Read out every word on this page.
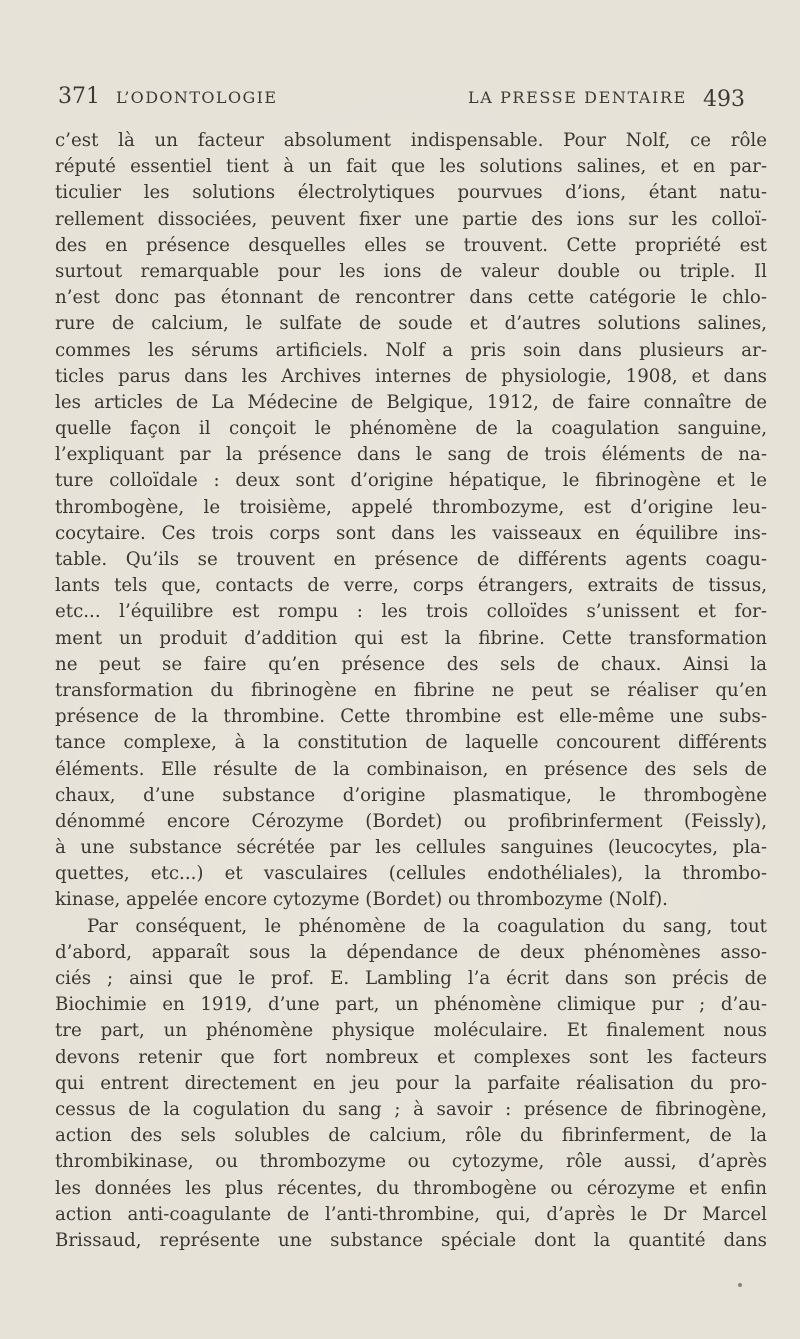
371 L’ODONTOLOGIE	LA PRESSE DENTAIRE 493
c’est là un facteur absolument indispensable. Pour Nolf, ce rôle
réputé essentiel tient à un fait que les solutions salines, et en par-
ticulier les solutions électrolytiques pourvues d’ions, étant natu-
rellement dissociées, peuvent fixer une partie des ions sur les colloï-
des en présence desquelles elles se trouvent. Cette propriété est
surtout remarquable pour les ions de valeur double ou triple. Il
n’est donc pas étonnant de rencontrer dans cette catégorie le chlo-
rure de calcium, le sulfate de soude et d’autres solutions salines,
commes les sérums artificiels. Nolf a pris soin dans plusieurs ar-
ticles parus dans les Archives internes de physiologie, 1908, et dans
les articles de La Médecine de Belgique, 1912, de faire connaître de
quelle façon il conçoit le phénomène de la coagulation sanguine,
l’expliquant par la présence dans le sang de trois éléments de na-
ture colloïdale : deux sont d’origine hépatique, le fibrinogène et le
thrombogène, le troisième, appelé thrombozyme, est d’origine leu-
cocytaire. Ces trois corps sont dans les vaisseaux en équilibre ins-
table. Qu’ils se trouvent en présence de différents agents coagu-
lants tels que, contacts de verre, corps étrangers, extraits de tissus,
etc... l’équilibre est rompu : les trois colloïdes s’unissent et for-
ment un produit d’addition qui est la fibrine. Cette transformation
ne peut se faire qu’en présence des sels de chaux. Ainsi la
transformation du fibrinogène en fibrine ne peut se réaliser qu’en
présence de la thrombine. Cette thrombine est elle-même une subs-
tance complexe, à la constitution de laquelle concourent différents
éléments. Elle résulte de la combinaison, en présence des sels de
chaux, d’une substance d’origine plasmatique, le thrombogène
dénommé encore Cérozyme (Bordet) ou profibrinferment (Feissly),
à une substance sécrétée par les cellules sanguines (leucocytes, pla-
quettes, etc...) et vasculaires (cellules endothéliales), la thrombo-
kinase, appelée encore cytozyme (Bordet) ou thrombozyme (Nolf).
Par conséquent, le phénomène de la coagulation du sang, tout
d’abord, apparaît sous la dépendance de deux phénomènes asso-
ciés ; ainsi que le prof. E. Lambling l’a écrit dans son précis de
Biochimie en 1919, d’une part, un phénomène climique pur ; d’au-
tre part, un phénomène physique moléculaire. Et finalement nous
devons retenir que fort nombreux et complexes sont les facteurs
qui entrent directement en jeu pour la parfaite réalisation du pro-
cessus de la cogulation du sang ; à savoir : présence de fibrinogène,
action des sels solubles de calcium, rôle du fibrinferment, de la
thrombikinase, ou thrombozyme ou cytozyme, rôle aussi, d’après
les données les plus récentes, du thrombogène ou cérozyme et enfin
action anti-coagulante de l’anti-thrombine, qui, d’après le Dr Marcel
Brissaud, représente une substance spéciale dont la quantité dans
